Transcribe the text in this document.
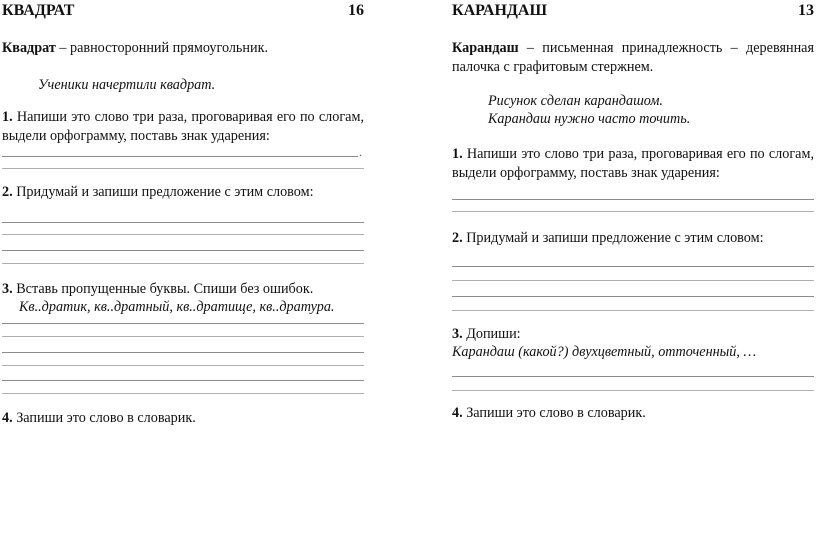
КВАДРАТ	16
Квадрат – равносторонний прямоугольник.
Ученики начертили квадрат.
1. Напиши это слово три раза, проговаривая его по слогам, выдели орфограмму, поставь знак ударения:
.
2. Придумай и запиши предложение с этим словом:
3. Вставь пропущенные буквы. Спиши без ошибок.
Кв..дратик, кв..дратный, кв..дратище, кв..дратура.
4. Запиши это слово в словарик.
КАРАНДАШ	13
Карандаш – письменная принадлежность – деревянная палочка с графитовым стержнем.
Рисунок сделан карандашом.
Карандаш нужно часто точить.
1. Напиши это слово три раза, проговаривая его по слогам, выдели орфограмму, поставь знак ударения:
2. Придумай и запиши предложение с этим словом:
3. Допиши:
Карандаш (какой?) двухцветный, отточенный, …
4. Запиши это слово в словарик.
